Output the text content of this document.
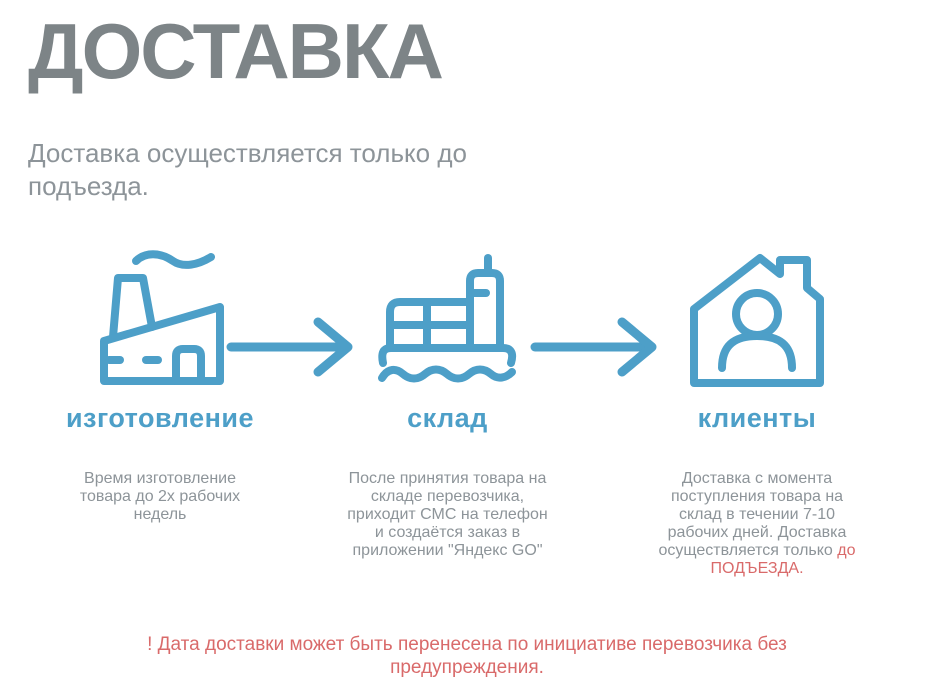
ДОСТАВКА
Доставка осуществляется только до подъезда.
изготовление
Время изготовление товара до 2х рабочих недель
склад
После принятия товара на складе перевозчика, приходит СМС на телефон и создаётся заказ в приложении "Яндекс GO"
клиенты
Доставка с момента поступления товара на склад в течении 7-10 рабочих дней. Доставка осуществляется только до ПОДЪЕЗДА.
! Дата доставки может быть перенесена по инициативе перевозчика без предупреждения.
